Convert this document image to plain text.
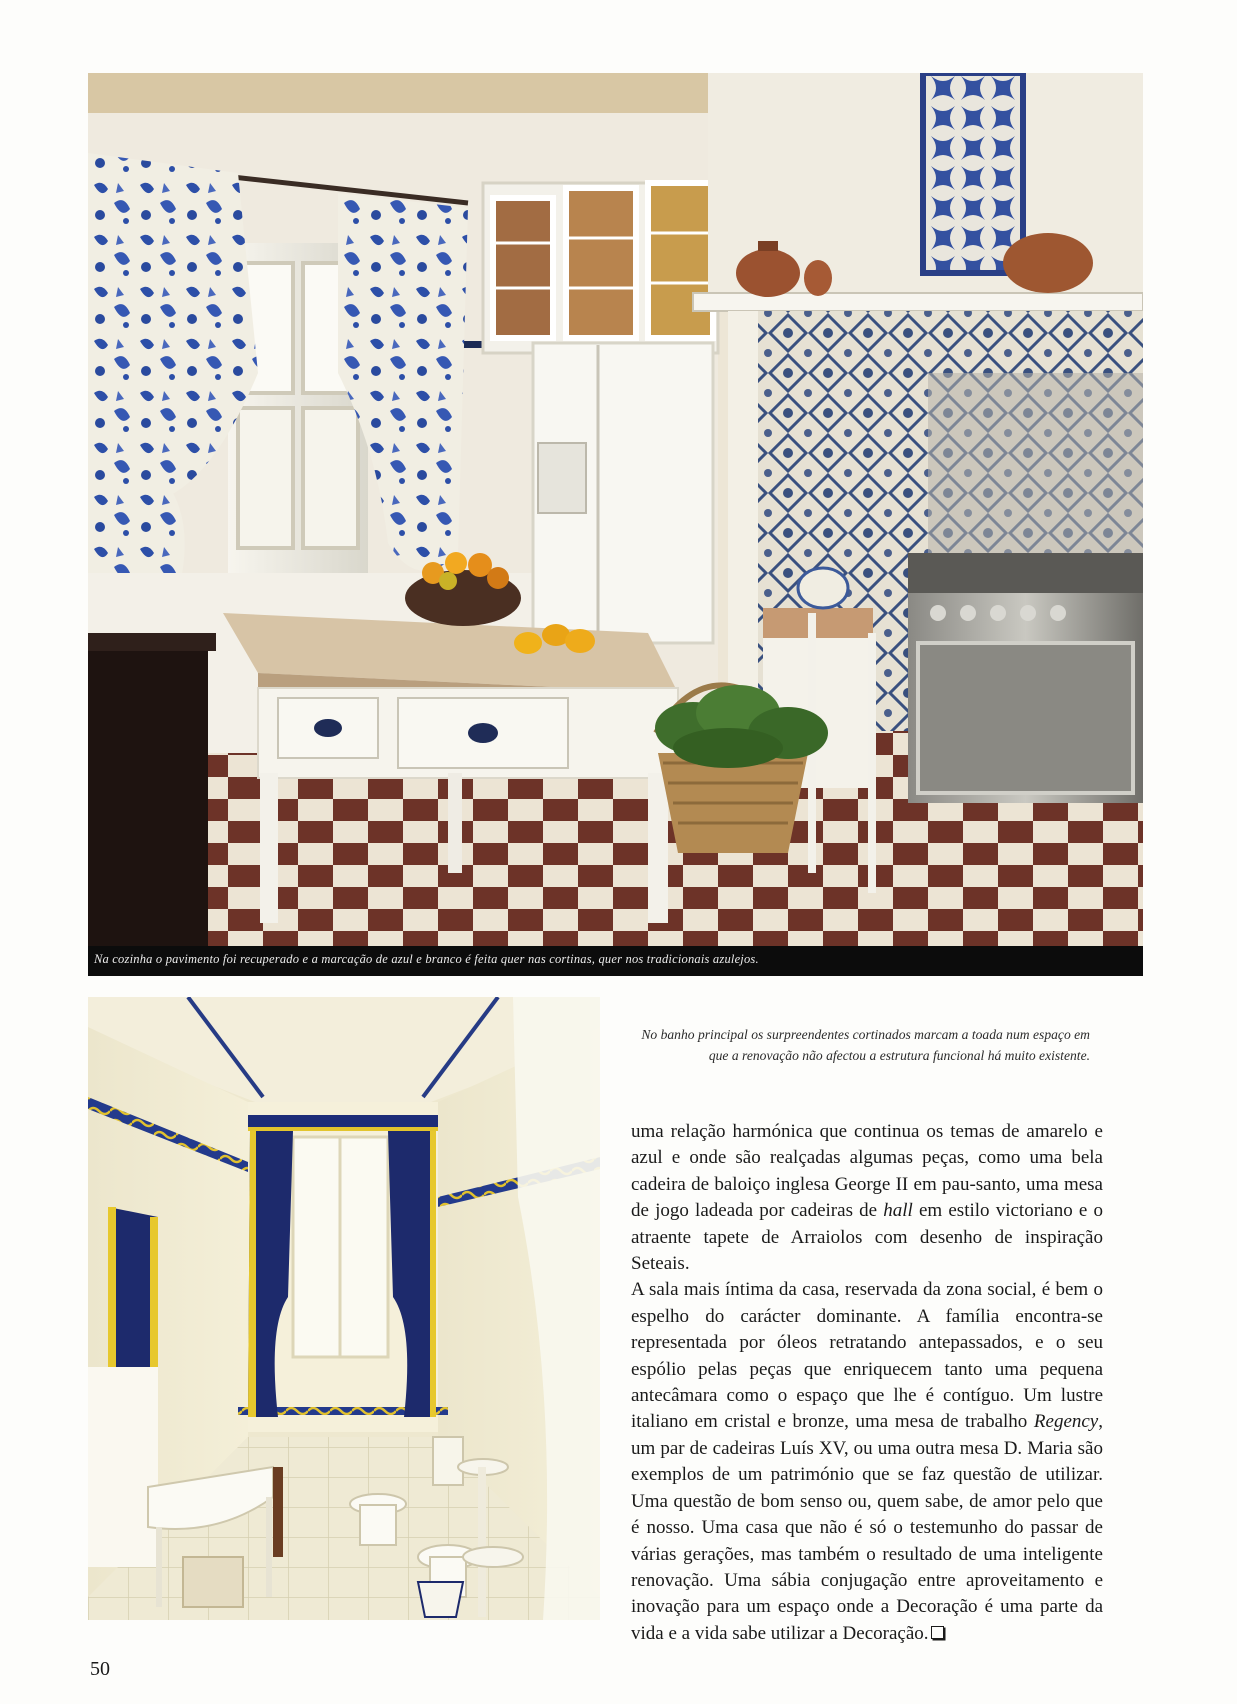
Na cozinha o pavimento foi recuperado e a marcação de azul e branco é feita quer nas cortinas, quer nos tradicionais azulejos.
No banho principal os surpreendentes cortinados marcam a toada num espaço em que a renovação não afectou a estrutura funcional há muito existente.

uma relação harmónica que continua os temas de amarelo e azul e onde são realçadas algumas peças, como uma bela cadeira de baloiço inglesa George II em pau-santo, uma mesa de jogo ladeada por cadeiras de hall em estilo victoriano e o atraente tapete de Arraiolos com desenho de inspiração Seteais.

A sala mais íntima da casa, reservada da zona social, é bem o espelho do carácter dominante. A família encontra-se representada por óleos retratando antepassados, e o seu espólio pelas peças que enriquecem tanto uma pequena antecâmara como o espaço que lhe é contíguo. Um lustre italiano em cristal e bronze, uma mesa de trabalho Regency, um par de cadeiras Luís XV, ou uma outra mesa D. Maria são exemplos de um património que se faz questão de utilizar. Uma questão de bom senso ou, quem sabe, de amor pelo que é nosso. Uma casa que não é só o testemunho do passar de várias gerações, mas também o resultado de uma inteligente renovação. Uma sábia conjugação entre aproveitamento e inovação para um espaço onde a Decoração é uma parte da vida e a vida sabe utilizar a Decoração.

50
